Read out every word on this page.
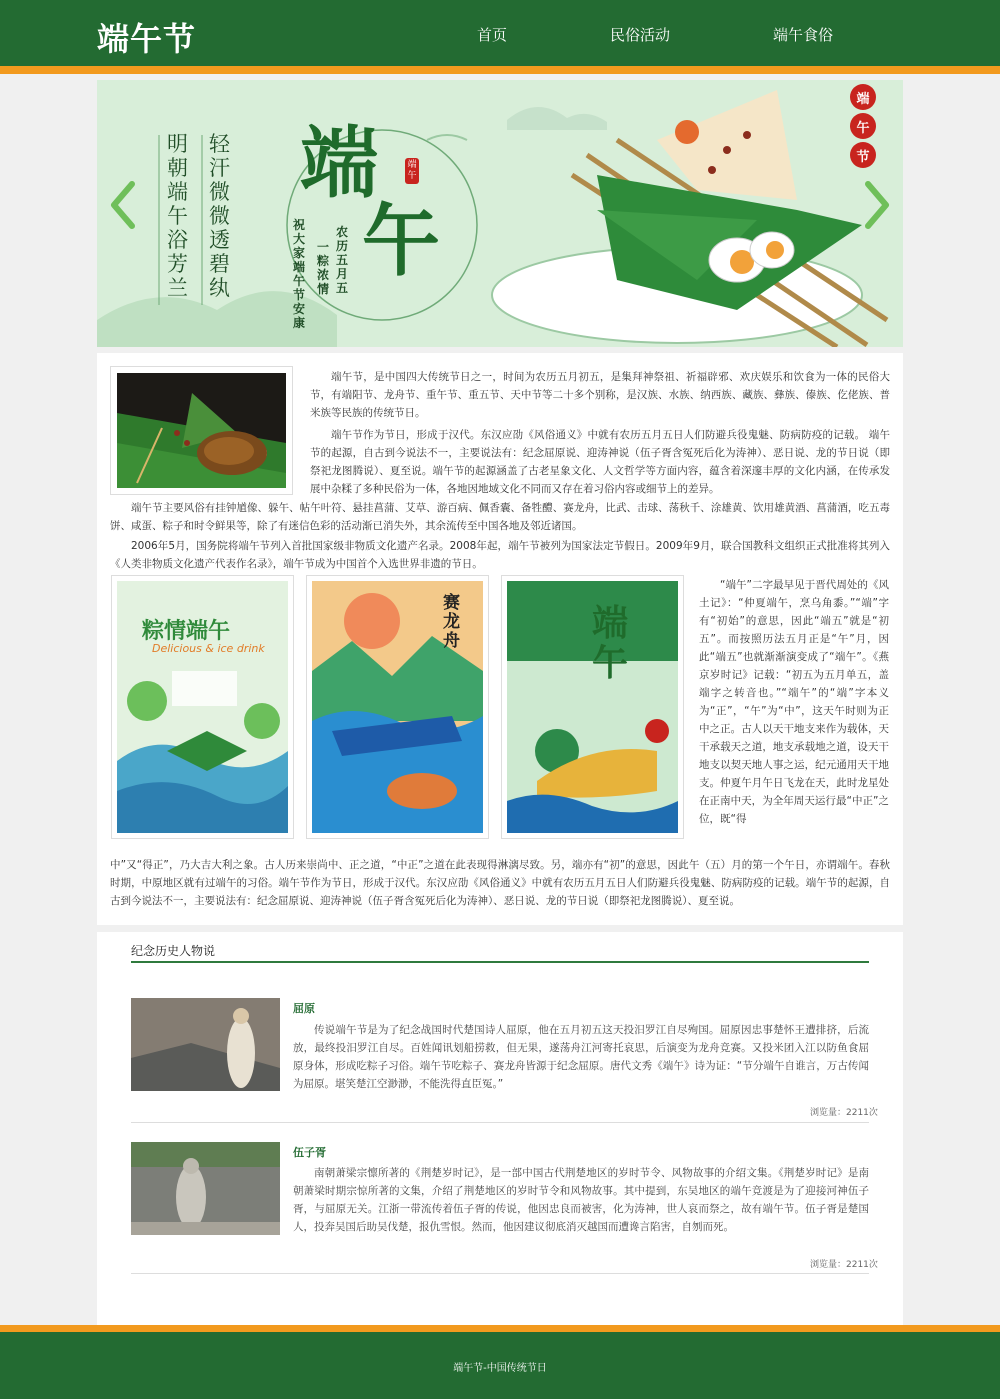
端午节	首页	民俗活动	端午食俗
端
午
端午
农历五月五
一粽浓情
祝大家端午节安康
轻汗微微透碧纨
明朝端午浴芳兰
端
午
节
端午节，是中国四大传统节日之一，时间为农历五月初五，是集拜神祭祖、祈福辟邪、欢庆娱乐和饮食为一体的民俗大节，有端阳节、龙舟节、重午节、重五节、天中节等二十多个别称，是汉族、水族、纳西族、藏族、彝族、傣族、仡佬族、普米族等民族的传统节日。
端午节作为节日，形成于汉代。东汉应劭《风俗通义》中就有农历五月五日人们防避兵役鬼魅、防病防疫的记载。 端午节的起源，自古到今说法不一，主要说法有：纪念屈原说、迎涛神说（伍子胥含冤死后化为涛神）、恶日说、龙的节日说（即祭祀龙图腾说）、夏至说。端午节的起源涵盖了古老星象文化、人文哲学等方面内容，蕴含着深邃丰厚的文化内涵，在传承发展中杂糅了多种民俗为一体，各地因地域文化不同而又存在着习俗内容或细节上的差异。
端午节主要风俗有挂钟馗像、躲午、帖午叶符、悬挂菖蒲、艾草、游百病、佩香囊、备牲醴、赛龙舟，比武、击球、荡秋千、涂雄黄、饮用雄黄酒、菖蒲酒，吃五毒饼、咸蛋、粽子和时令鲜果等，除了有迷信色彩的活动渐已消失外，其余流传至中国各地及邻近诸国。
2006年5月，国务院将端午节列入首批国家级非物质文化遗产名录。2008年起，端午节被列为国家法定节假日。2009年9月，联合国教科文组织正式批准将其列入《人类非物质文化遗产代表作名录》，端午节成为中国首个入选世界非遗的节日。
粽情端午
Delicious & ice drink
赛龙舟	端午
“端午”二字最早见于晋代周处的《风土记》：“仲夏端午，烹乌角黍。”“端”字有“初始”的意思，因此“端五”就是“初五”。而按照历法五月正是“午”月，因此“端五”也就渐渐演变成了“端午”。《燕京岁时记》记载：“初五为五月单五，盖端字之转音也。”“端午”的“端”字本义为“正”，“午”为“中”，这天午时则为正中之正。古人以天干地支来作为载体，天干承载天之道，地支承载地之道，设天干地支以契天地人事之运，纪元通用天干地支。仲夏午月午日飞龙在天，此时龙星处在正南中天，为全年周天运行最“中正”之位，既“得
中”又“得正”，乃大吉大利之象。古人历来崇尚中、正之道，“中正”之道在此表现得淋漓尽致。另，端亦有“初”的意思，因此午（五）月的第一个午日，亦谓端午。春秋时期，中原地区就有过端午的习俗。端午节作为节日，形成于汉代。东汉应劭《风俗通义》中就有农历五月五日人们防避兵役鬼魅、防病防疫的记载。端午节的起源，自古到今说法不一，主要说法有：纪念屈原说、迎涛神说（伍子胥含冤死后化为涛神）、恶日说、龙的节日说（即祭祀龙图腾说）、夏至说。
纪念历史人物说
屈原
传说端午节是为了纪念战国时代楚国诗人屈原，他在五月初五这天投汨罗江自尽殉国。屈原因忠事楚怀王遭排挤，后流放，最终投汨罗江自尽。百姓闻讯划船捞救，但无果，遂荡舟江河寄托哀思，后演变为龙舟竞赛。又投米团入江以防鱼食屈原身体，形成吃粽子习俗。端午节吃粽子、赛龙舟皆源于纪念屈原。唐代文秀《端午》诗为证：“节分端午自谁言，万古传闻为屈原。堪笑楚江空渺渺，不能洗得直臣冤。”
浏览量：2211次
伍子胥
南朝萧梁宗懔所著的《荆楚岁时记》，是一部中国古代荆楚地区的岁时节令、风物故事的介绍文集。《荆楚岁时记》是南朝萧梁时期宗惊所著的文集，介绍了荆楚地区的岁时节令和风物故事。其中提到，东吴地区的端午竞渡是为了迎接河神伍子胥，与屈原无关。江浙一带流传着伍子胥的传说，他因忠良而被害，化为涛神，世人哀而祭之，故有端午节。伍子胥是楚国人，投奔吴国后助吴伐楚，报仇雪恨。然而，他因建议彻底消灭越国而遭谗言陷害，自刎而死。
浏览量：2211次
端午节-中国传统节日
